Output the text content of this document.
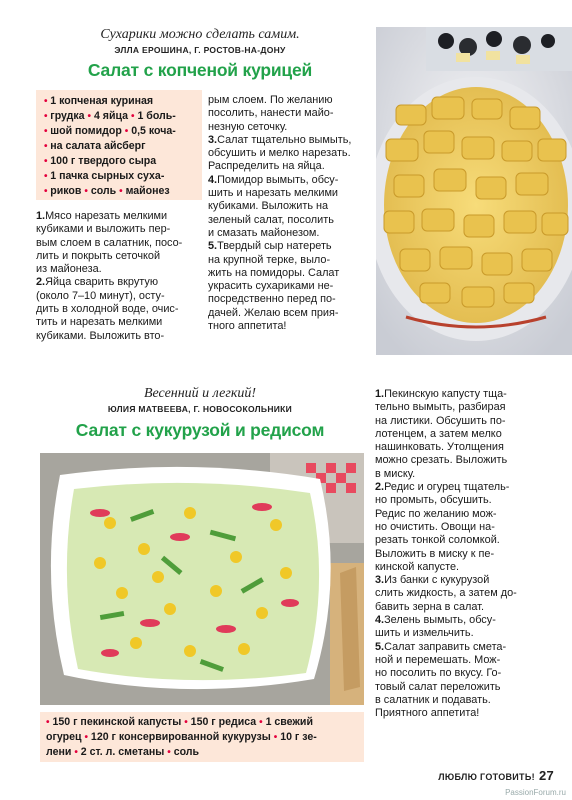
Сухарики можно сделать самим.
ЭЛЛА ЕРОШИНА, Г. РОСТОВ-НА-ДОНУ
Салат с копченой курицей
• 1 копченая куриная
• грудка • 4 яйца • 1 боль-
• шой помидор • 0,5 коча-
• на салата айсберг
• 100 г твердого сыра
• 1 пачка сырных суха-
• риков • соль • майонез
1.Мясо нарезать мелкими
кубиками и выложить пер-
вым слоем в салатник, посо-
лить и покрыть сеточкой
из майонеза.
2.Яйца сварить вкрутую
(около 7–10 минут), осту-
дить в холодной воде, очис-
тить и нарезать мелкими
кубиками. Выложить вто-
рым слоем. По желанию
посолить, нанести майо-
незную сеточку.
3.Салат тщательно вымыть,
обсушить и мелко нарезать.
Распределить на яйца.
4.Помидор вымыть, обсу-
шить и нарезать мелкими
кубиками. Выложить на
зеленый салат, посолить
и смазать майонезом.
5.Твердый сыр натереть
на крупной терке, выло-
жить на помидоры. Салат
украсить сухариками не-
посредственно перед по-
дачей. Желаю всем прия-
тного аппетита!
Весенний и легкий!
ЮЛИЯ МАТВЕЕВА, Г. НОВОСОКОЛЬНИКИ
Салат с кукурузой и редисом
• 150 г пекинской капусты • 150 г редиса • 1 свежий
огурец • 120 г консервированной кукурузы • 10 г зе-
лени • 2 ст. л. сметаны • соль
1.Пекинскую капусту тща-
тельно вымыть, разбирая
на листики. Обсушить по-
лотенцем, а затем мелко
нашинковать. Утолщения
можно срезать. Выложить
в миску.
2.Редис и огурец тщатель-
но промыть, обсушить.
Редис по желанию мож-
но очистить. Овощи на-
резать тонкой соломкой.
Выложить в миску к пе-
кинской капусте.
3.Из банки с кукурузой
слить жидкость, а затем до-
бавить зерна в салат.
4.Зелень вымыть, обсу-
шить и измельчить.
5.Салат заправить смета-
ной и перемешать. Мож-
но посолить по вкусу. Го-
товый салат переложить
в салатник и подавать.
Приятного аппетита!
ЛЮБЛЮ ГОТОВИТЬ! 27
PassionForum.ru
